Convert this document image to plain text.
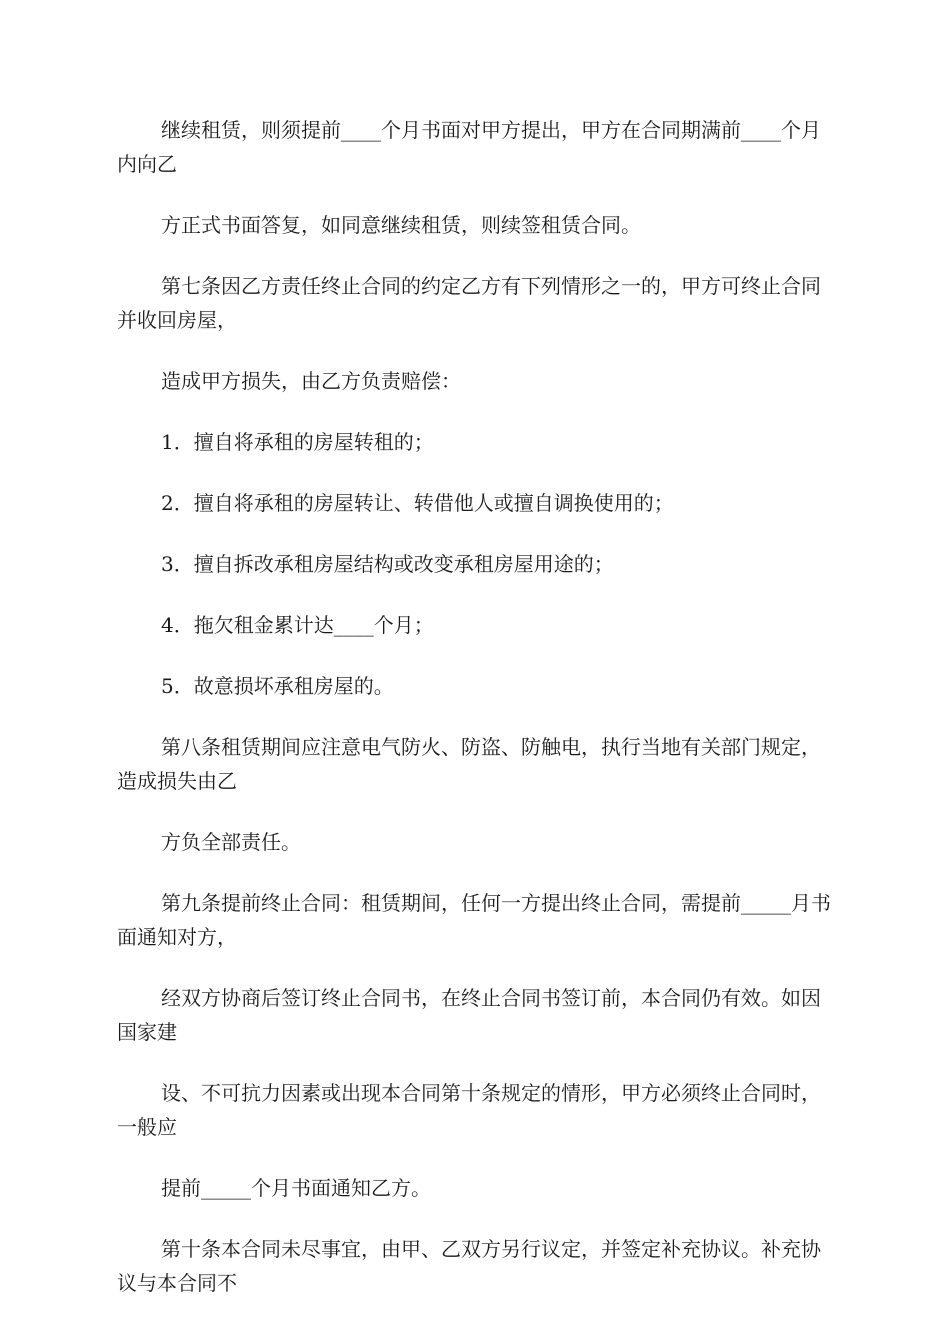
继续租赁，则须提前____个月书面对甲方提出，甲方在合同期满前____个月内向乙

方正式书面答复，如同意继续租赁，则续签租赁合同。

第七条因乙方责任终止合同的约定乙方有下列情形之一的，甲方可终止合同并收回房屋，

造成甲方损失，由乙方负责赔偿：

1．擅自将承租的房屋转租的；

2．擅自将承租的房屋转让、转借他人或擅自调换使用的；

3．擅自拆改承租房屋结构或改变承租房屋用途的；

4．拖欠租金累计达____个月；

5．故意损坏承租房屋的。

第八条租赁期间应注意电气防火、防盗、防触电，执行当地有关部门规定，造成损失由乙

方负全部责任。

第九条提前终止合同：租赁期间，任何一方提出终止合同，需提前_____月书面通知对方，

经双方协商后签订终止合同书，在终止合同书签订前，本合同仍有效。如因国家建

设、不可抗力因素或出现本合同第十条规定的情形，甲方必须终止合同时，一般应

提前_____个月书面通知乙方。

第十条本合同未尽事宜，由甲、乙双方另行议定，并签定补充协议。补充协议与本合同不
